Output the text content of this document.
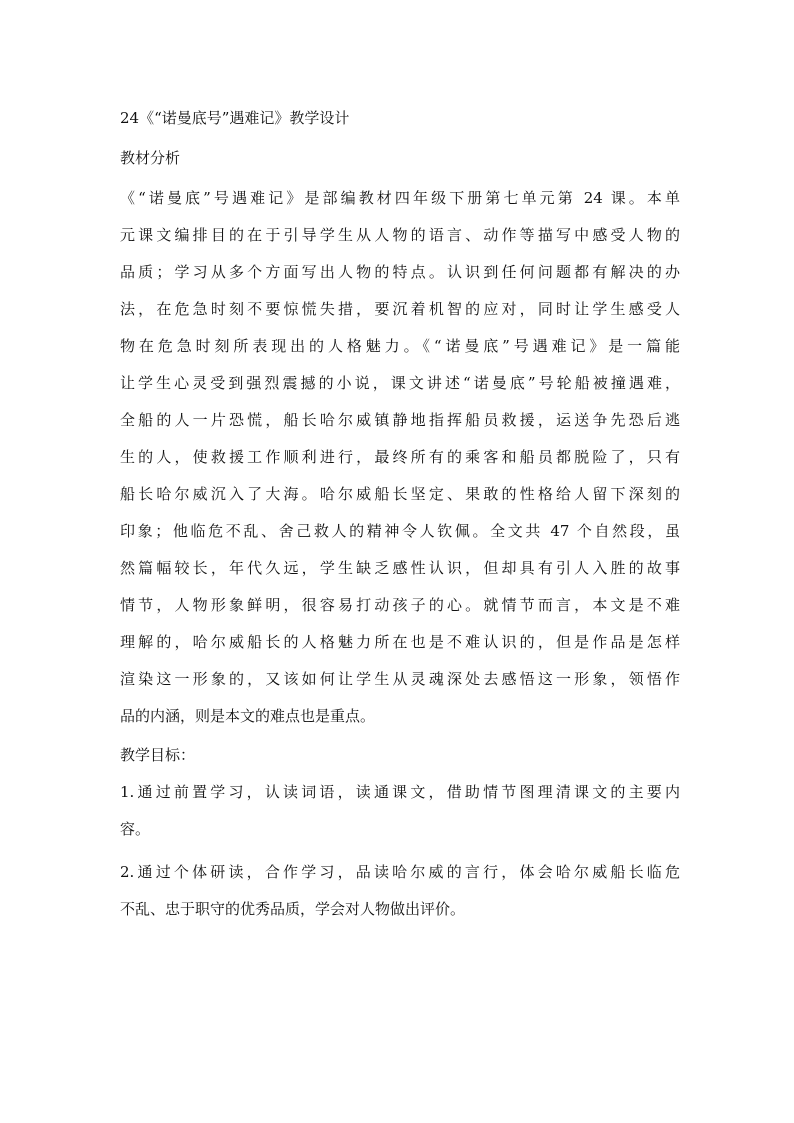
24《“诺曼底号”遇难记》教学设计
教材分析
《“诺曼底”号遇难记》是部编教材四年级下册第七单元第 24 课。本单
元课文编排目的在于引导学生从人物的语言、动作等描写中感受人物的
品质；学习从多个方面写出人物的特点。认识到任何问题都有解决的办
法，在危急时刻不要惊慌失措，要沉着机智的应对，同时让学生感受人
物在危急时刻所表现出的人格魅力。《“诺曼底”号遇难记》是一篇能
让学生心灵受到强烈震撼的小说，课文讲述“诺曼底”号轮船被撞遇难，
全船的人一片恐慌，船长哈尔威镇静地指挥船员救援，运送争先恐后逃
生的人，使救援工作顺利进行，最终所有的乘客和船员都脱险了，只有
船长哈尔威沉入了大海。哈尔威船长坚定、果敢的性格给人留下深刻的
印象；他临危不乱、舍己救人的精神令人钦佩。全文共 47 个自然段，虽
然篇幅较长，年代久远，学生缺乏感性认识，但却具有引人入胜的故事
情节，人物形象鲜明，很容易打动孩子的心。就情节而言，本文是不难
理解的，哈尔威船长的人格魅力所在也是不难认识的，但是作品是怎样
渲染这一形象的，又该如何让学生从灵魂深处去感悟这一形象，领悟作
品的内涵，则是本文的难点也是重点。
教学目标：
1.通过前置学习，认读词语，读通课文，借助情节图理清课文的主要内
容。
2.通过个体研读，合作学习，品读哈尔威的言行，体会哈尔威船长临危
不乱、忠于职守的优秀品质，学会对人物做出评价。
